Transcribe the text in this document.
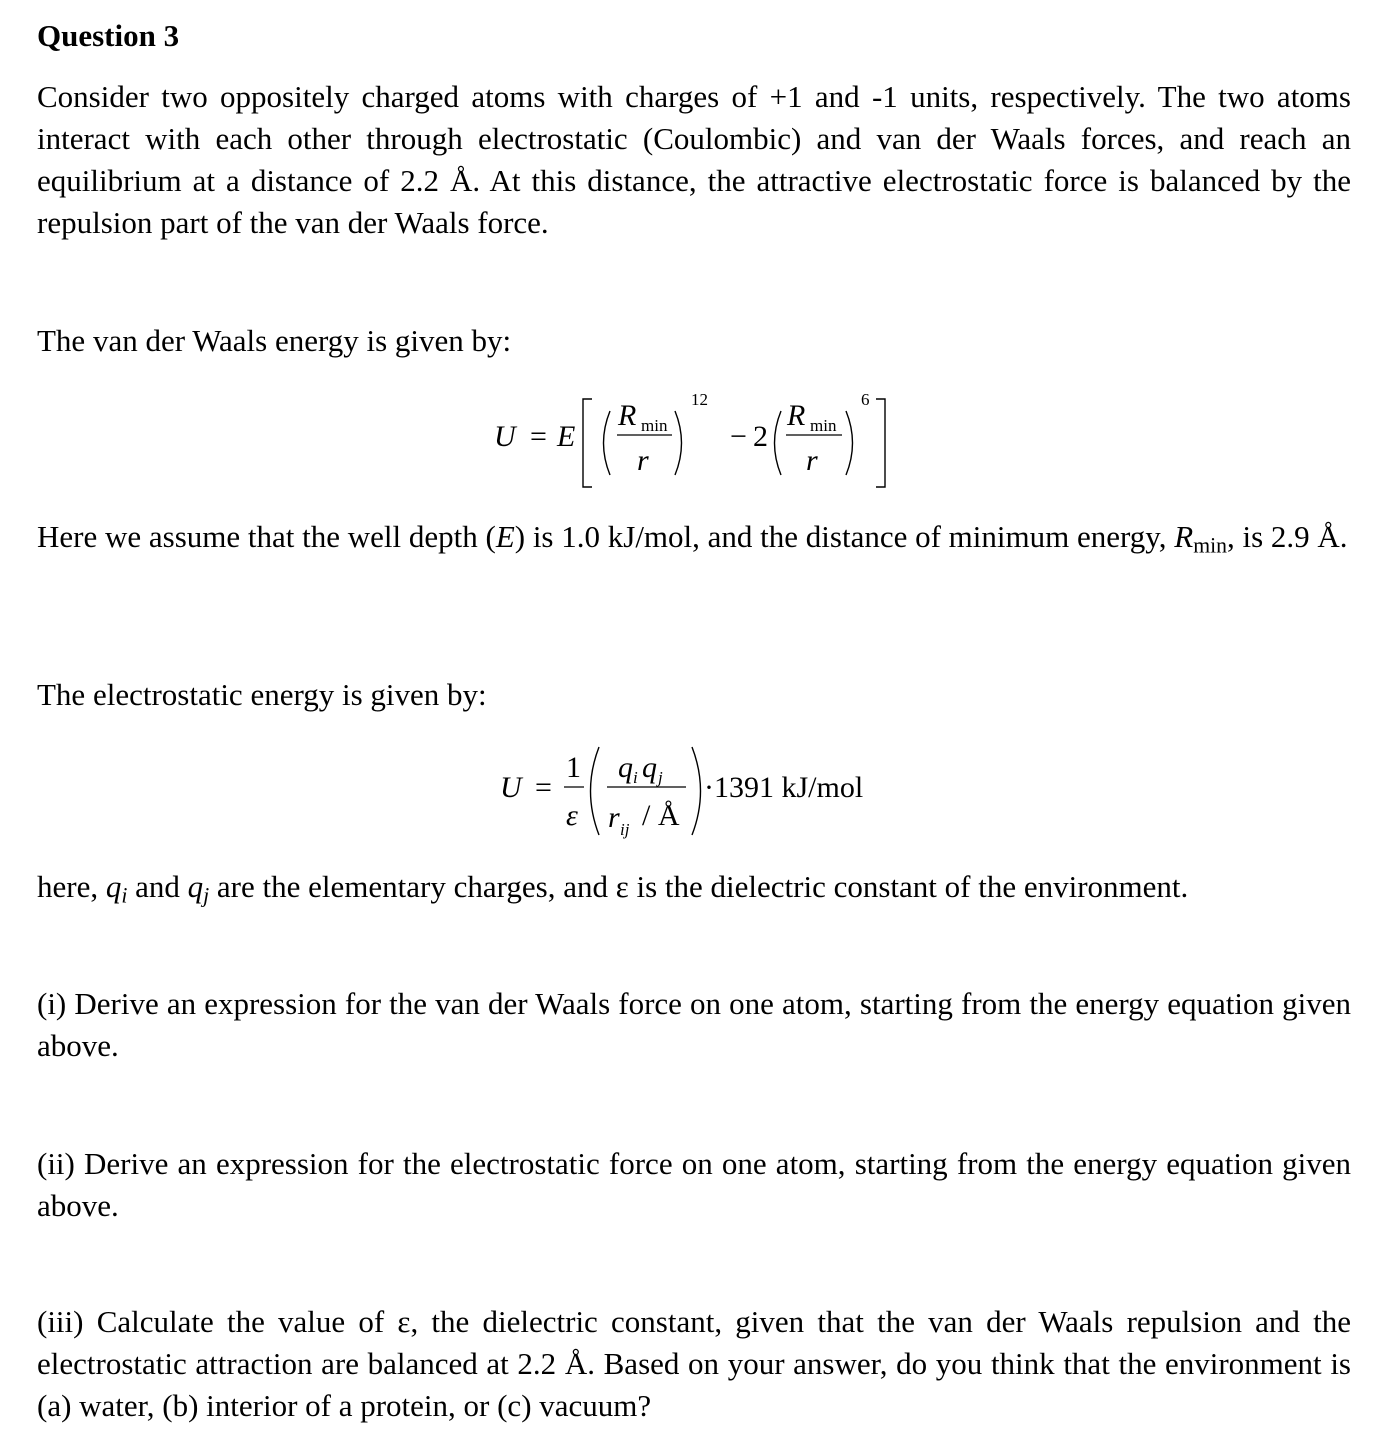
Question 3
Consider two oppositely charged atoms with charges of +1 and -1 units, respectively. The two atoms interact with each other through electrostatic (Coulombic) and van der Waals forces, and reach an equilibrium at a distance of 2.2 Å. At this distance, the attractive electrostatic force is balanced by the repulsion part of the van der Waals force.
The van der Waals energy is given by:
U = E
R min
r
12
− 2
R min
r
6
Here we assume that the well depth (E) is 1.0 kJ/mol, and the distance of minimum energy, $R_{min}$, is 2.9 Å.
The electrostatic energy is given by:
U =
1
ε
q i q j
r ij / Å
·1391 kJ/mol
here, $q_i$ and $q_j$ are the elementary charges, and ε is the dielectric constant of the environment.
(i) Derive an expression for the van der Waals force on one atom, starting from the energy equation given above.
(ii) Derive an expression for the electrostatic force on one atom, starting from the energy equation given above.
(iii) Calculate the value of ε, the dielectric constant, given that the van der Waals repulsion and the electrostatic attraction are balanced at 2.2 Å. Based on your answer, do you think that the environment is (a) water, (b) interior of a protein, or (c) vacuum?
